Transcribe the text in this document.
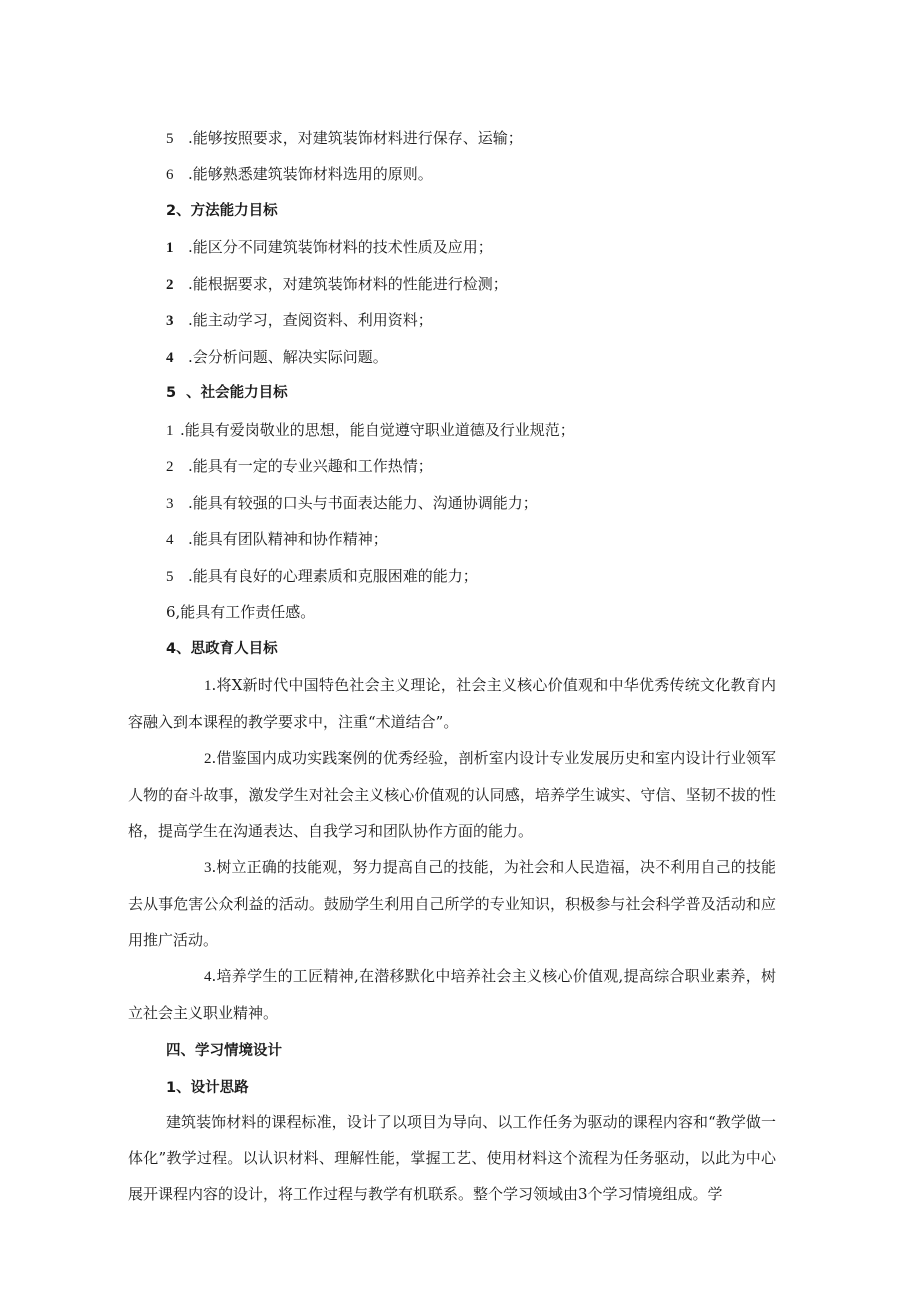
5 .能够按照要求，对建筑装饰材料进行保存、运输；
6 .能够熟悉建筑装饰材料选用的原则。
2、方法能力目标
1 .能区分不同建筑装饰材料的技术性质及应用；
2 .能根据要求，对建筑装饰材料的性能进行检测；
3 .能主动学习，查阅资料、利用资料；
4 .会分析问题、解决实际问题。
5  、社会能力目标
1 .能具有爱岗敬业的思想，能自觉遵守职业道德及行业规范；
2 .能具有一定的专业兴趣和工作热情；
3 .能具有较强的口头与书面表达能力、沟通协调能力；
4 .能具有团队精神和协作精神；
5 .能具有良好的心理素质和克服困难的能力；
6,能具有工作责任感。
4、思政育人目标
1.将X新时代中国特色社会主义理论，社会主义核心价值观和中华优秀传统文化教育内容融入到本课程的教学要求中，注重“术道结合”。
2.借鉴国内成功实践案例的优秀经验，剖析室内设计专业发展历史和室内设计行业领军人物的奋斗故事，激发学生对社会主义核心价值观的认同感，培养学生诚实、守信、坚韧不拔的性格，提高学生在沟通表达、自我学习和团队协作方面的能力。
3.树立正确的技能观，努力提高自己的技能，为社会和人民造福，决不利用自己的技能去从事危害公众利益的活动。鼓励学生利用自己所学的专业知识，积极参与社会科学普及活动和应用推广活动。
4.培养学生的工匠精神,在潜移默化中培养社会主义核心价值观,提高综合职业素养，树立社会主义职业精神。
四、学习情境设计
1、设计思路
建筑装饰材料的课程标准，设计了以项目为导向、以工作任务为驱动的课程内容和“教学做一体化”教学过程。以认识材料、理解性能，掌握工艺、使用材料这个流程为任务驱动，以此为中心展开课程内容的设计，将工作过程与教学有机联系。整个学习领域由3个学习情境组成。学
